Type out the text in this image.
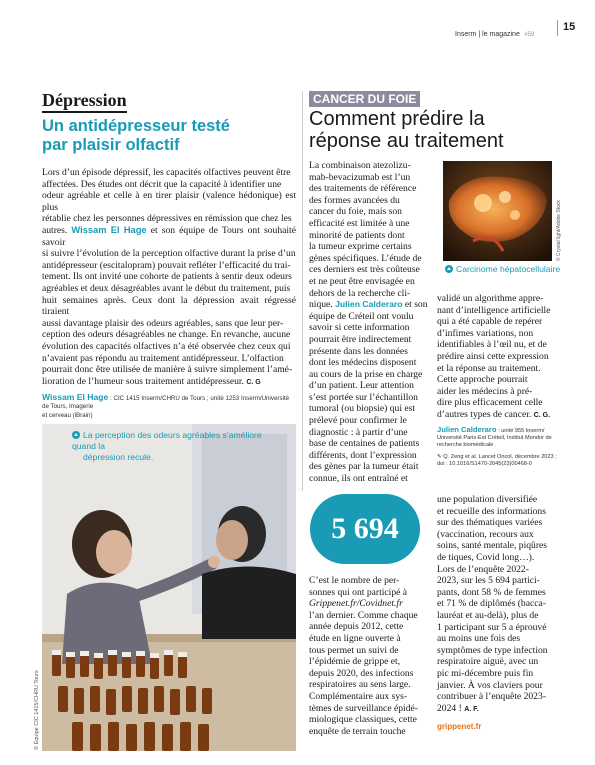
Inserm | le magazine #59
15
Dépression
Un antidépresseur testé
par plaisir olfactif
Lors d’un épisode dépressif, les capacités olfactives peuvent être
affectées. Des études ont décrit que la capacité à identifier une
odeur agréable et celle à en tirer plaisir (valence hédonique) est plus
rétablie chez les personnes dépressives en rémission que chez les
autres. Wissam El Hage et son équipe de Tours ont souhaité savoir
si suivre l’évolution de la perception olfactive durant la prise d’un
antidépresseur (escitalopram) pouvait refléter l’efficacité du trai-
tement. Ils ont invité une cohorte de patients à sentir deux odeurs
agréables et deux désagréables avant le début du traitement, puis
huit semaines après. Ceux dont la dépression avait régressé tiraient
aussi davantage plaisir des odeurs agréables, sans que leur per-
ception des odeurs désagréables ne change. En revanche, aucune
évolution des capacités olfactives n’a été observée chez ceux qui
n’avaient pas répondu au traitement antidépresseur. L’olfaction
pourrait donc être utilisée de manière à suivre simplement l’amé-
lioration de l’humeur sous traitement antidépresseur. C. G
Wissam El Hage : CIC 1415 Inserm/CHRU de Tours ; unité 1253 Inserm/Université de Tours, Imagerie
et cerveau (iBrain)
La perception des odeurs agréables s’améliore quand la
dépression recule.
© Équipe CIC 1415/CHRU Tours
CANCER DU FOIE
Comment prédire la
réponse au traitement
La combinaison atezolizu-
mab-bevacizumab est l’un
des traitements de référence
des formes avancées du
cancer du foie, mais son
efficacité est limitée à une
minorité de patients dont
la tumeur exprime certains
gènes spécifiques. L’étude de
ces derniers est très coûteuse
et ne peut être envisagée en
dehors de la recherche cli-
nique. Julien Calderaro et son
équipe de Créteil ont voulu
savoir si cette information
pourrait être indirectement
présente dans les données
dont les médecins disposent
au cours de la prise en charge
d’un patient. Leur attention
s’est portée sur l’échantillon
tumoral (ou biopsie) qui est
prélevé pour confirmer le
diagnostic : à partir d’une
base de centaines de patients
différents, dont l’expression
des gènes par la tumeur était
connue, ils ont entraîné et
© Crystal light/Adobe Stock
Carcinome hépatocellulaire
validé un algorithme appre-
nant d’intelligence artificielle
qui a été capable de repérer
d’infimes variations, non
identifiables à l’œil nu, et de
prédire ainsi cette expression
et la réponse au traitement.
Cette approche pourrait
aider les médecins à pré-
dire plus efficacement celle
d’autres types de cancer. C. G.
Julien Calderaro : unité 955 Inserm/
Université Paris-Est Créteil, Institut Mondor de
recherche biomédicale
✎ Q. Zeng et al. Lancet Oncol, décembre 2023 ;
doi : 10.1016/S1470-2045(23)00468-0
5 694
C’est le nombre de per-
sonnes qui ont participé à
Grippenet.fr/Covidnet.fr
l’an dernier. Comme chaque
année depuis 2012, cette
étude en ligne ouverte à
tous permet un suivi de
l’épidémie de grippe et,
depuis 2020, des infections
respiratoires au sens large.
Complémentaire aux sys-
tèmes de surveillance épidé-
miologique classiques, cette
enquête de terrain touche
une population diversifiée
et recueille des informations
sur des thématiques variées
(vaccination, recours aux
soins, santé mentale, piqûres
de tiques, Covid long…).
Lors de l’enquête 2022-
2023, sur les 5 694 partici-
pants, dont 58 % de femmes
et 71 % de diplômés (bacca-
lauréat et au-delà), plus de
1 participant sur 5 a éprouvé
au moins une fois des
symptômes de type infection
respiratoire aiguë, avec un
pic mi-décembre puis fin
janvier. À vos claviers pour
contribuer à l’enquête 2023-
2024 ! A. F.
grippenet.fr
